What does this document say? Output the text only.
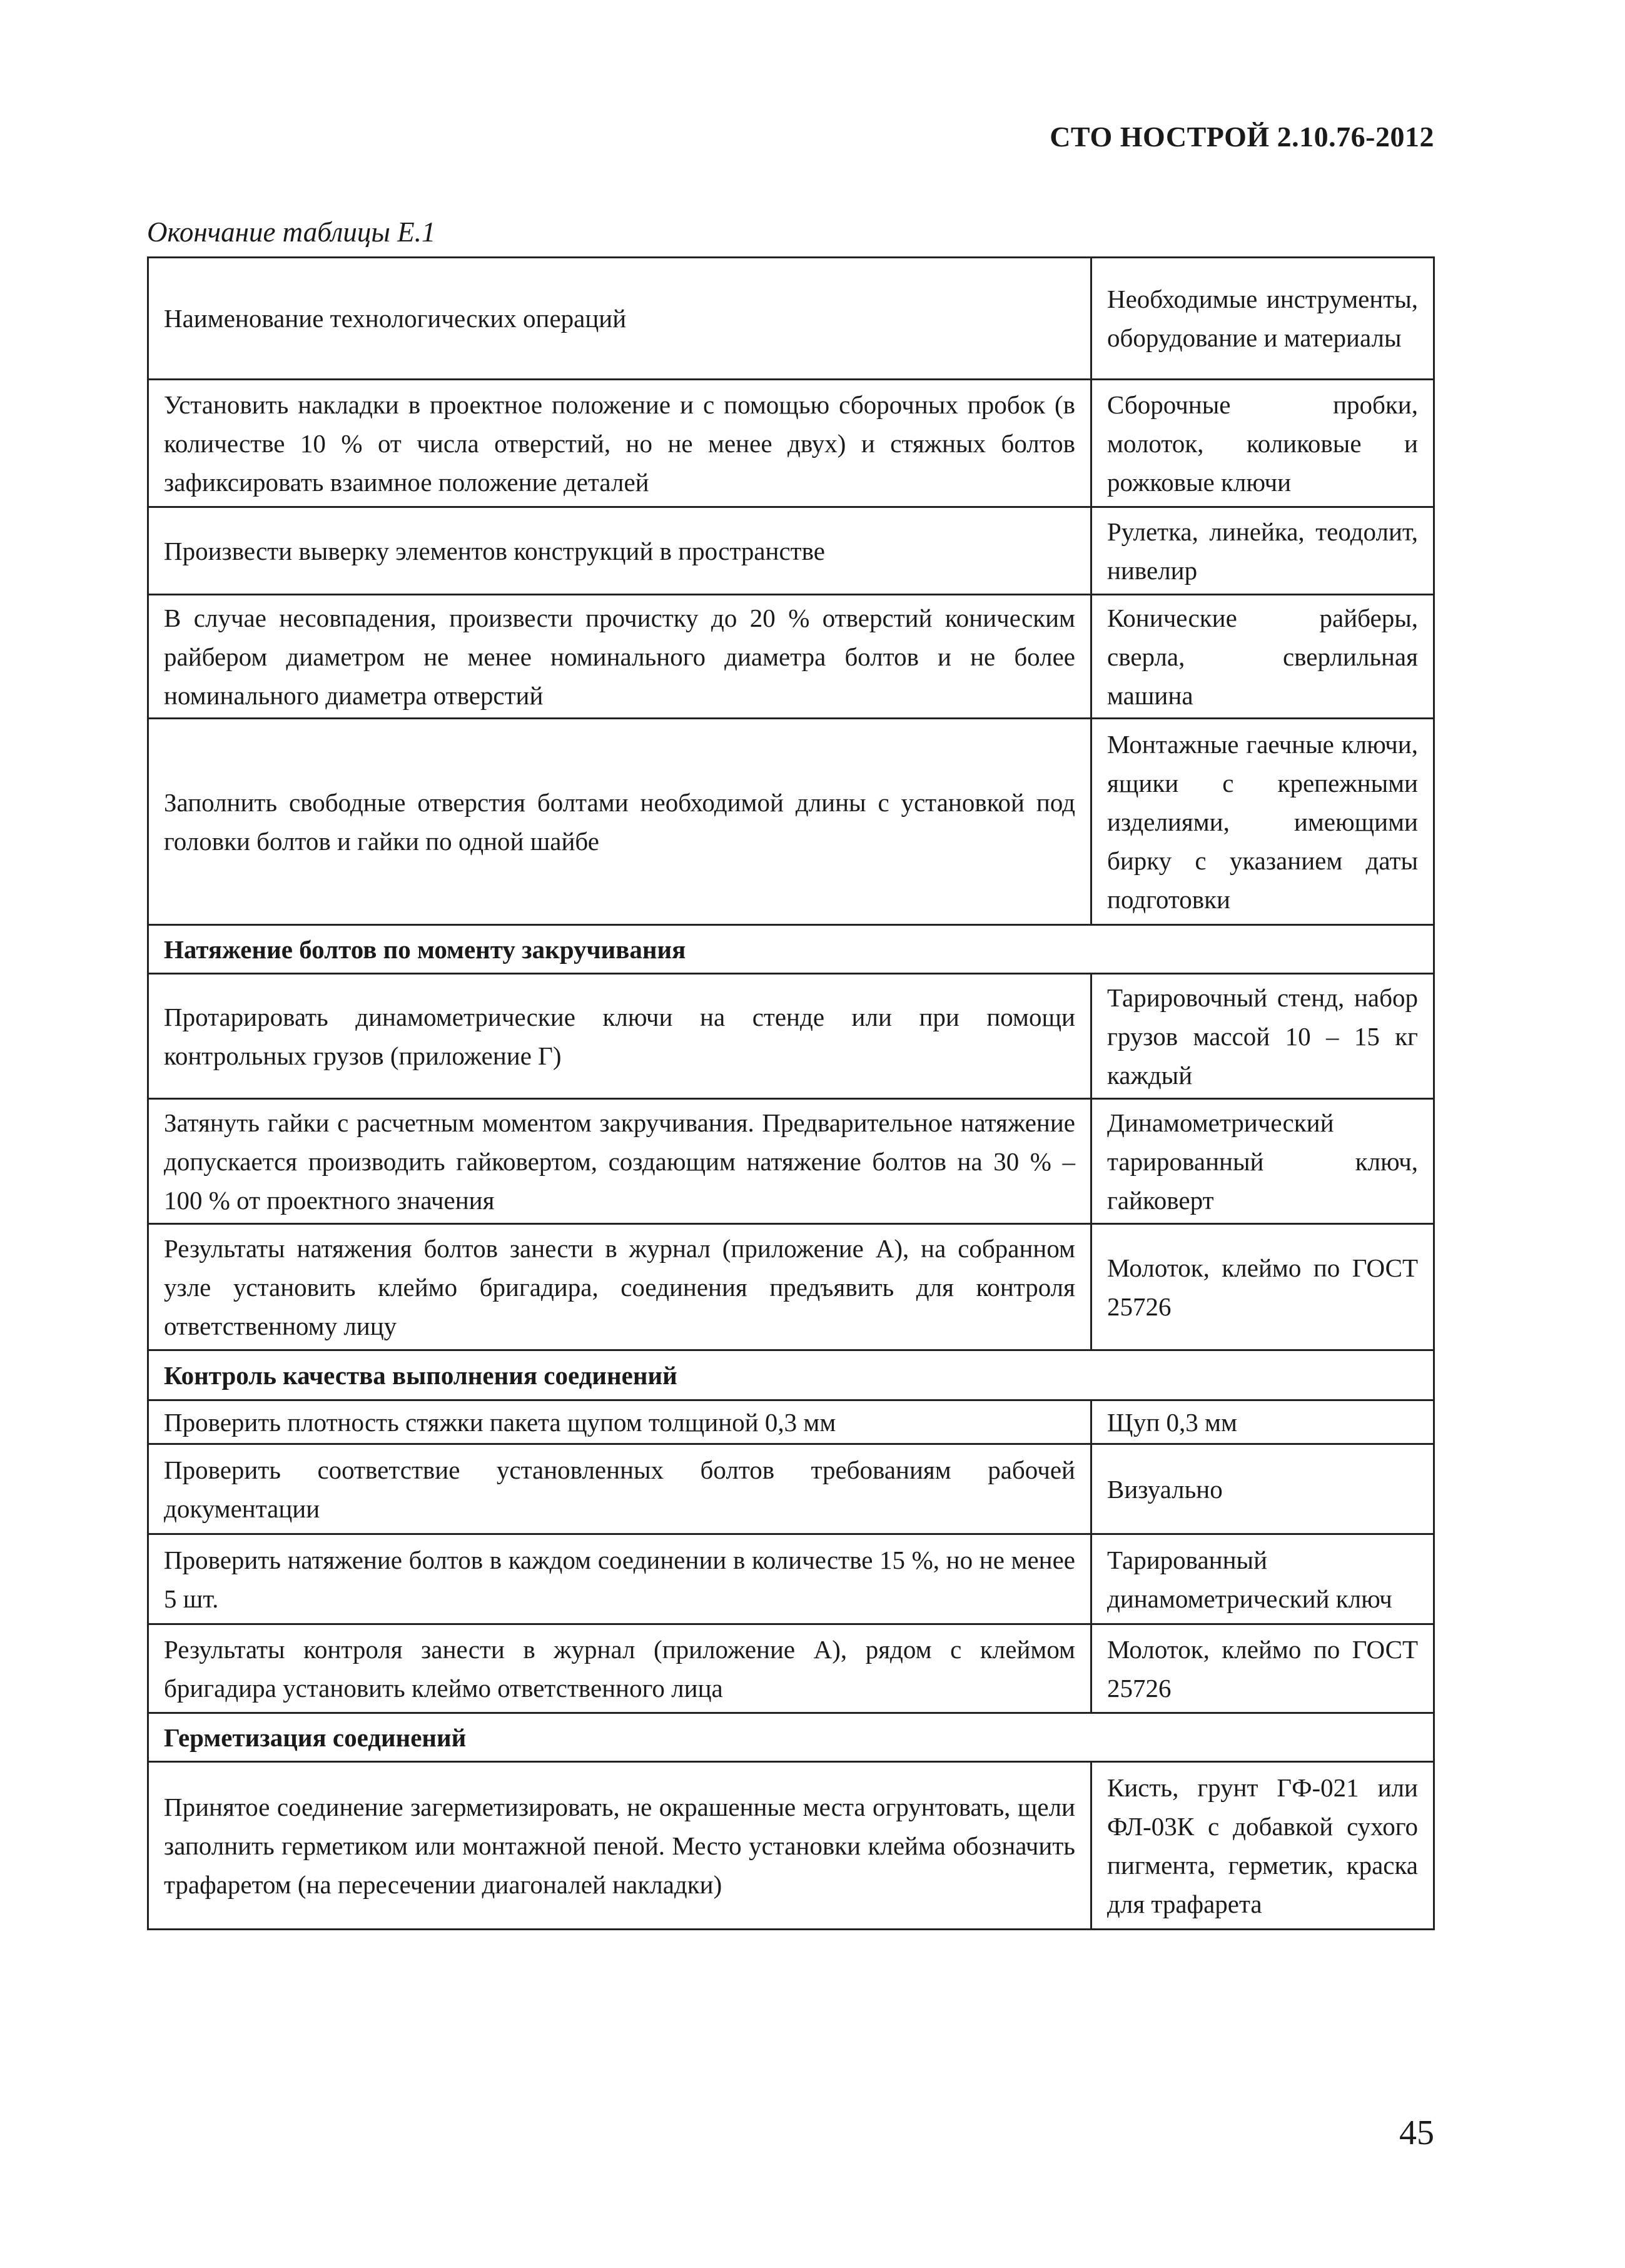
СТО НОСТРОЙ 2.10.76-2012
Окончание таблицы Е.1
Наименование технологических операций	Необходимые инструменты, оборудование и материалы
Установить накладки в проектное положение и с помощью сборочных пробок (в количестве 10 % от числа отверстий, но не менее двух) и стяжных болтов зафиксировать взаимное положение деталей	Сборочные пробки, молоток, коликовые и рожковые ключи
Произвести выверку элементов конструкций в пространстве	Рулетка, линейка, теодолит, нивелир
В случае несовпадения, произвести прочистку до 20 % отверстий коническим райбером диаметром не менее номинального диаметра болтов и не более номинального диаметра отверстий	Конические райберы, сверла, сверлильная машина
Заполнить свободные отверстия болтами необходимой длины с установкой под головки болтов и гайки по одной шайбе	Монтажные гаечные ключи, ящики с крепежными изделиями, имеющими бирку с указанием даты подготовки
Натяжение болтов по моменту закручивания	
Протарировать динамометрические ключи на стенде или при помощи контрольных грузов (приложение Г)	Тарировочный стенд, набор грузов массой 10 – 15 кг каждый
Затянуть гайки с расчетным моментом закручивания. Предварительное натяжение допускается производить гайковертом, создающим натяжение болтов на 30 % – 100 % от проектного значения	Динамометрический тарированный ключ, гайковерт
Результаты натяжения болтов занести в журнал (приложение А), на собранном узле установить клеймо бригадира, соединения предъявить для контроля ответственному лицу	Молоток, клеймо по ГОСТ 25726
Контроль качества выполнения соединений	
Проверить плотность стяжки пакета щупом толщиной 0,3 мм	Щуп 0,3 мм
Проверить соответствие установленных болтов требованиям рабочей документации	Визуально
Проверить натяжение болтов в каждом соединении в количестве 15 %, но не менее 5 шт.	Тарированный динамометрический ключ
Результаты контроля занести в журнал (приложение А), рядом с клеймом бригадира установить клеймо ответственного лица	Молоток, клеймо по ГОСТ 25726
Герметизация соединений	
Принятое соединение загерметизировать, не окрашенные места огрунтовать, щели заполнить герметиком или монтажной пеной. Место установки клейма обозначить трафаретом (на пересечении диагоналей накладки)	Кисть, грунт ГФ-021 или ФЛ-03К с добавкой сухого пигмента, герметик, краска для трафарета
45
